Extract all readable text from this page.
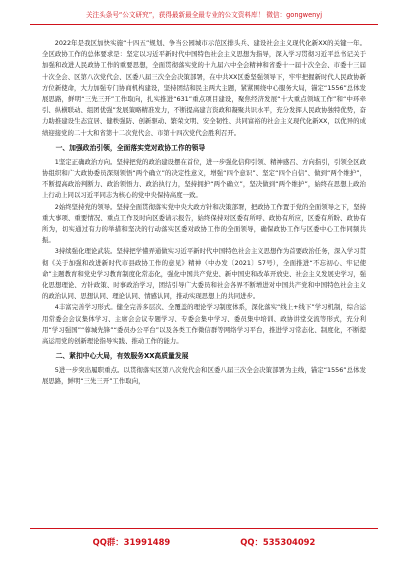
关注头条号“公文研究”，获得最新最全最专业的公文资料库！ 微信：gongwenyj

2022年是我区加快实施“十四五”规划、争当公园城市示范区排头兵、建设社会主义现代化新XX的关键一年。全区政协工作的总体要求是：坚定以习近平新时代中国特色社会主义思想为指导，深入学习贯彻习近平总书记关于加强和改进人民政协工作的重要思想，全面贯彻落实党的十九届六中全会精神和省委十一届十次全会、市委十三届十次全会、区第八次党代会、区委八届三次全会决策部署，在中共XX区委坚强领导下，牢牢把握新时代人民政协新方位新使命，大力加强专门协商机构建设，坚持团结和民主两大主题，紧紧围绕中心服务大局，锚定“1556”总体发展思路，鲜明“三先三开”工作取向，扎实推进“631”重点项目建设，聚焦经济发展“十大重点领域工作”和“中环牵引、纵横联动、组团优强”发展策略精准发力，不断提高建言资政和凝聚共识水平，充分发挥人民政协独特优势，奋力助推建设生态宜居、健秩强防、创新驱动、繁荣文明、安全韧性、共同富裕的社会主义现代化新XX，以优异的成绩迎接党的二十大和省第十二次党代会、市第十四次党代会胜利召开。

一、加强政治引领，全面落实党对政协工作的领导

1坚定正确政治方向。坚持把党的政治建设摆在首位，进一步强化信仰引领、精神感召、方向指引，引领全区政协组织和广大政协委员深刻领悟“两个确立”的决定性意义，增强“四个意识”、坚定“四个自信”、做到“两个维护”，不断提高政治判断力、政治领悟力、政治执行力，坚持拥护“两个确立”，坚决做到“两个维护”，始终在思想上政治上行动上同以习近平同志为核心的党中央保持高度一致。

2始终坚持党的领导。坚持全面贯彻落实党中央大政方针和决策部署，把政协工作置于党的全面领导之下，坚持重大事项、重要情况、重点工作及时向区委请示报告，始终保持对区委有所呼、政协有所应，区委有所盼、政协有所为，切实通过有力的举措和坚决的行动落实区委对政协工作的全面领导，确保政协工作与区委中心工作同频共振。

3持续强化理论武装。坚持把学懂弄通做实习近平新时代中国特色社会主义思想作为首要政治任务，深入学习贯彻《关于加强和改进新时代市县政协工作的意见》精神（中办发〔2021〕57号），全面推进“不忘初心、牢记使命”主题教育和党史学习教育制度化常态化，强化中国共产党史、新中国史和改革开放史、社会主义发展史学习，强化思想理论、方针政策、时事政治学习，团结引导广大委员和社会各界不断增进对中国共产党和中国特色社会主义的政治认同、思想认同、理论认同、情感认同，推动实现思想上的共同进步。

4丰富完善学习形式。健全完善多层次、全覆盖的理论学习制度体系，深化落实“线上+线下”学习机制，综合运用常委会会议集体学习、主席会会议专题学习、专委会集中学习、委员集中培训、政协讲堂交流等形式，充分利用“学习强国”“蓉城先锋”“委员办公平台”以及各类工作微信群等网络学习平台，推进学习常态化、制度化，不断提高运用党的创新理论指导实践、推动工作的能力。

二、紧扣中心大局，有效服务XX高质量发展

5进一步突出履职重点。以贯彻落实区第八次党代会和区委八届三次全会决策部署为主线，锚定“1556”总体发展思路，鲜明“三先三开”工作取向，

QQ群：31991489	QQ：535304092
